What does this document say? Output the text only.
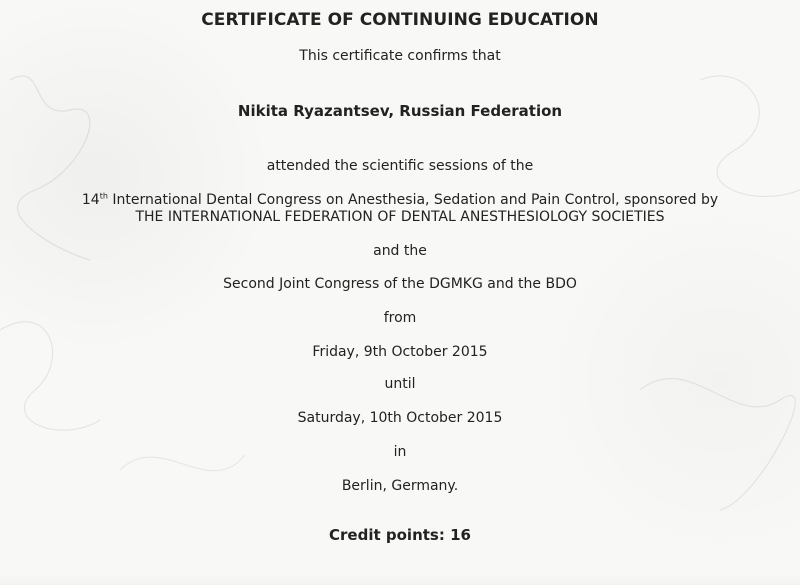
CERTIFICATE OF CONTINUING EDUCATION
This certificate confirms that
Nikita Ryazantsev, Russian Federation
attended the scientific sessions of the
14th International Dental Congress on Anesthesia, Sedation and Pain Control, sponsored by
THE INTERNATIONAL FEDERATION OF DENTAL ANESTHESIOLOGY SOCIETIES
and the
Second Joint Congress of the DGMKG and the BDO
from
Friday, 9th October 2015
until
Saturday, 10th October 2015
in
Berlin, Germany.
Credit points: 16
